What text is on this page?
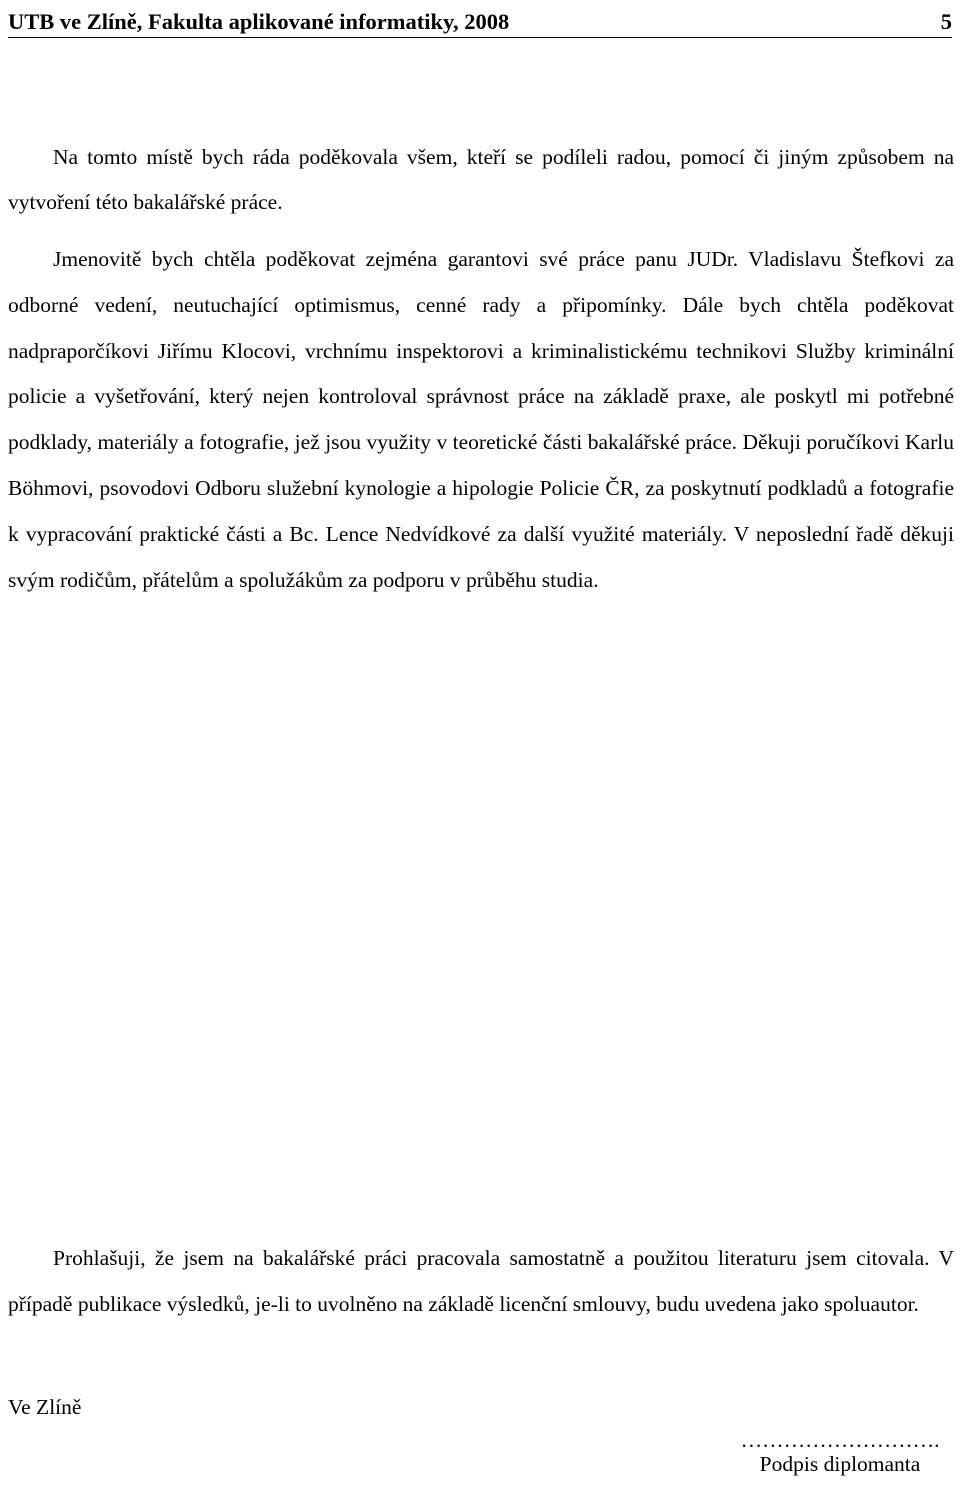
UTB ve Zlíně, Fakulta aplikované informatiky, 2008	5

Na tomto místě bych ráda poděkovala všem, kteří se podíleli radou, pomocí či jiným způsobem na vytvoření této bakalářské práce.

Jmenovitě bych chtěla poděkovat zejména garantovi své práce panu JUDr. Vladislavu Štefkovi za odborné vedení, neutuchající optimismus, cenné rady a připomínky. Dále bych chtěla poděkovat nadpraporčíkovi Jiřímu Klocovi, vrchnímu inspektorovi a kriminalistickému technikovi Služby kriminální policie a vyšetřování, který nejen kontroloval správnost práce na základě praxe, ale poskytl mi potřebné podklady, materiály a fotografie, jež jsou využity v teoretické části bakalářské práce. Děkuji poručíkovi Karlu Böhmovi, psovodovi Odboru služební kynologie a hipologie Policie ČR, za poskytnutí podkladů a fotografie k vypracování praktické části a Bc. Lence Nedvídkové za další využité materiály. V neposlední řadě děkuji svým rodičům, přátelům a spolužákům za podporu v průběhu studia.

Prohlašuji, že jsem na bakalářské práci pracovala samostatně a použitou literaturu jsem citovala. V případě publikace výsledků, je-li to uvolněno na základě licenční smlouvy, budu uvedena jako spoluautor.

Ve Zlíně
……………………….
Podpis diplomanta
